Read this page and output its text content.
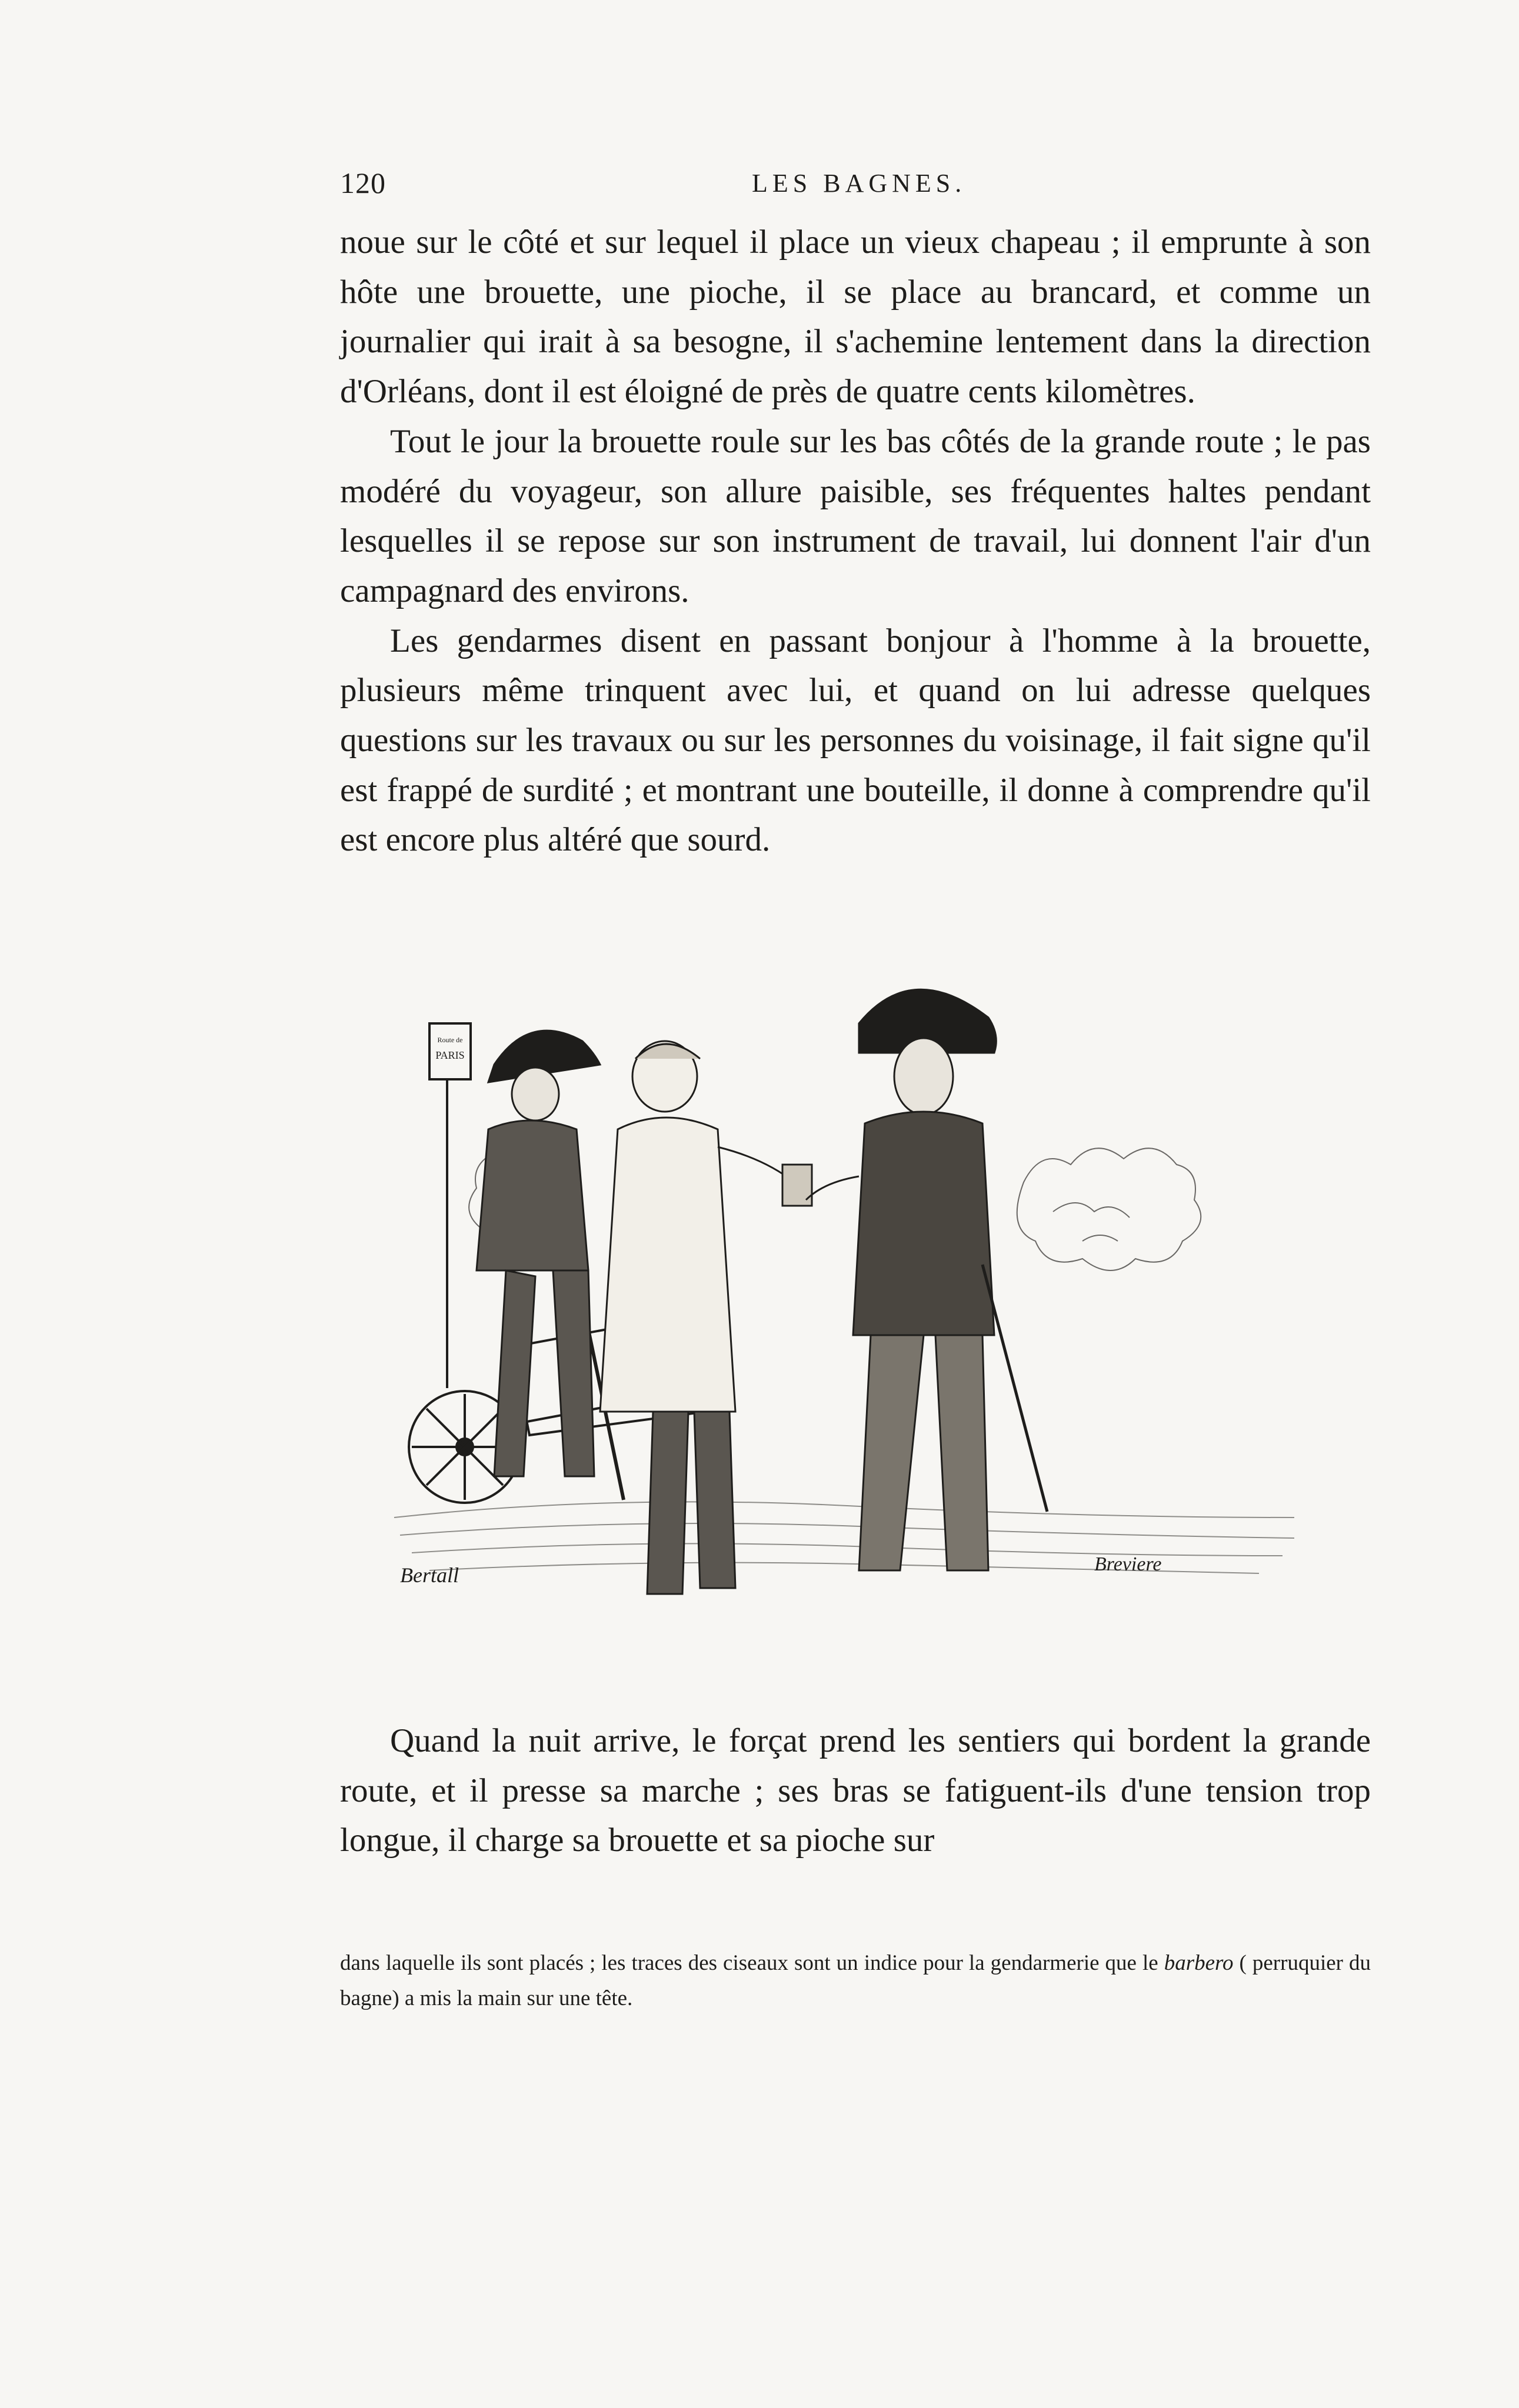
120	LES BAGNES.

noue sur le côté et sur lequel il place un vieux chapeau ; il emprunte à son hôte une brouette, une pioche, il se place au brancard, et comme un journalier qui irait à sa besogne, il s'achemine lentement dans la direction d'Orléans, dont il est éloigné de près de quatre cents kilomètres.

Tout le jour la brouette roule sur les bas côtés de la grande route ; le pas modéré du voyageur, son allure paisible, ses fréquentes haltes pendant lesquelles il se repose sur son instrument de travail, lui donnent l'air d'un campagnard des environs.

Les gendarmes disent en passant bonjour à l'homme à la brouette, plusieurs même trinquent avec lui, et quand on lui adresse quelques questions sur les travaux ou sur les personnes du voisinage, il fait signe qu'il est frappé de surdité ; et montrant une bouteille, il donne à comprendre qu'il est encore plus altéré que sourd.

Route de
PARIS
Bertall	Breviere

Quand la nuit arrive, le forçat prend les sentiers qui bordent la grande route, et il presse sa marche ; ses bras se fatiguent-ils d'une tension trop longue, il charge sa brouette et sa pioche sur

dans laquelle ils sont placés ; les traces des ciseaux sont un indice pour la gendarmerie que le barbero ( perruquier du bagne) a mis la main sur une tête.
